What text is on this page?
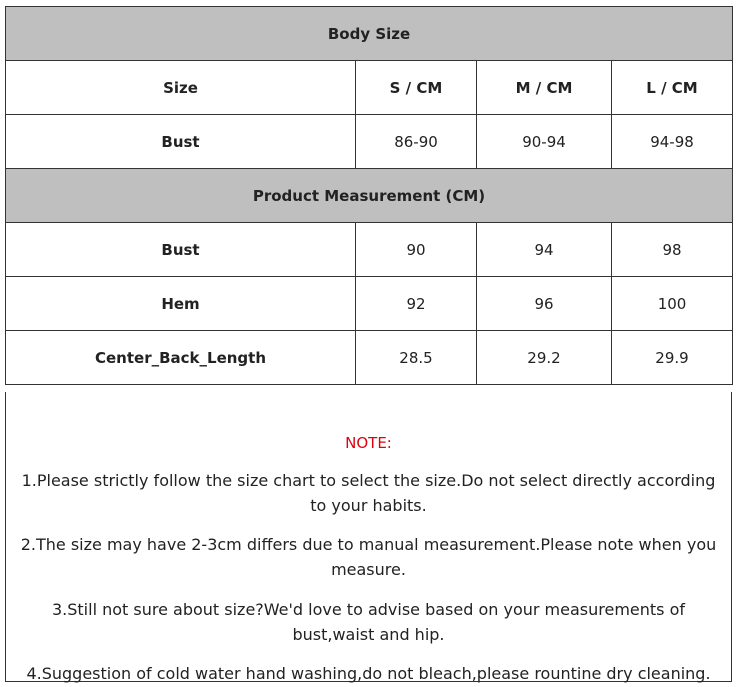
Body Size			
Size	S / CM	M / CM	L / CM
Bust	86-90	90-94	94-98
Product Measurement (CM)			
Bust	90	94	98
Hem	92	96	100
Center_Back_Length	28.5	29.2	29.9
NOTE:
1.Please strictly follow the size chart to select the size.Do not select directly according to your habits.
2.The size may have 2-3cm differs due to manual measurement.Please note when you measure.
3.Still not sure about size?We'd love to advise based on your measurements of bust,waist and hip.
4.Suggestion of cold water hand washing,do not bleach,please rountine dry cleaning.
